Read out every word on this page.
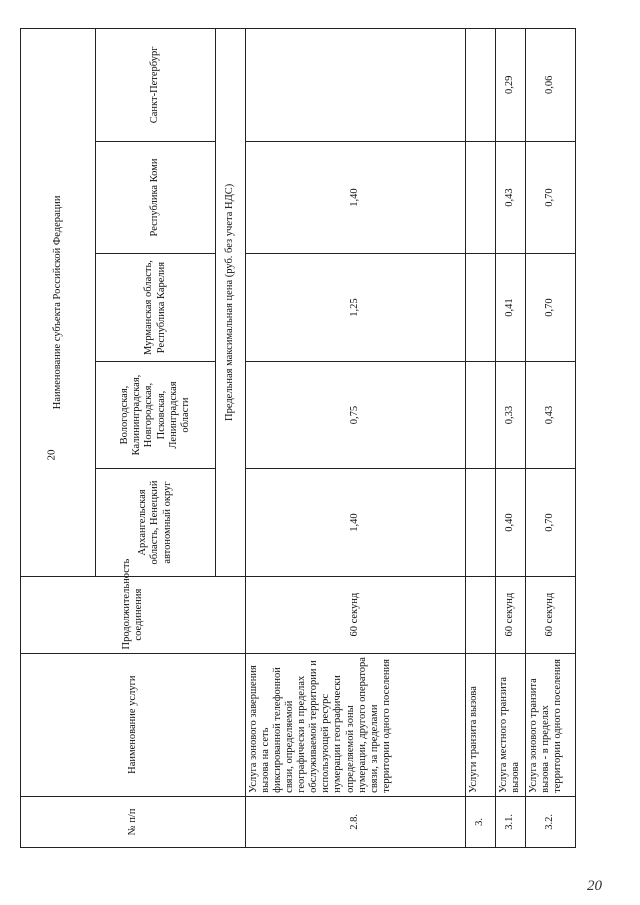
20
20
№ п/п	Наименование услуги	Продолжительность соединения	Наименование субъекта Российской Федерации				
			Архангельская область, Ненецкий автономный округ	Вологодская, Калининградская, Новгородская, Псковская, Ленинградская области	Мурманская область, Республика Карелия	Республика Коми	Санкт-Петербург
			Предельная максимальная цена (руб. без учета НДС)				
2.8.	Услуга зонового завершения вызова на сеть фиксированной телефонной связи, определяемой географически в пределах обслуживаемой территории и использующей ресурс нумерации географически определяемой зоны нумерации, другого оператора связи, за пределами территории одного поселения	60 секунд	1,40	0,75	1,25	1,40	
3.	Услуги транзита вызова						
3.1.	Услуга местного транзита вызова	60 секунд	0,40	0,33	0,41	0,43	0,29
3.2.	Услуга зонового транзита вызова - в пределах территории одного поселения	60 секунд	0,70	0,43	0,70	0,70	0,06
